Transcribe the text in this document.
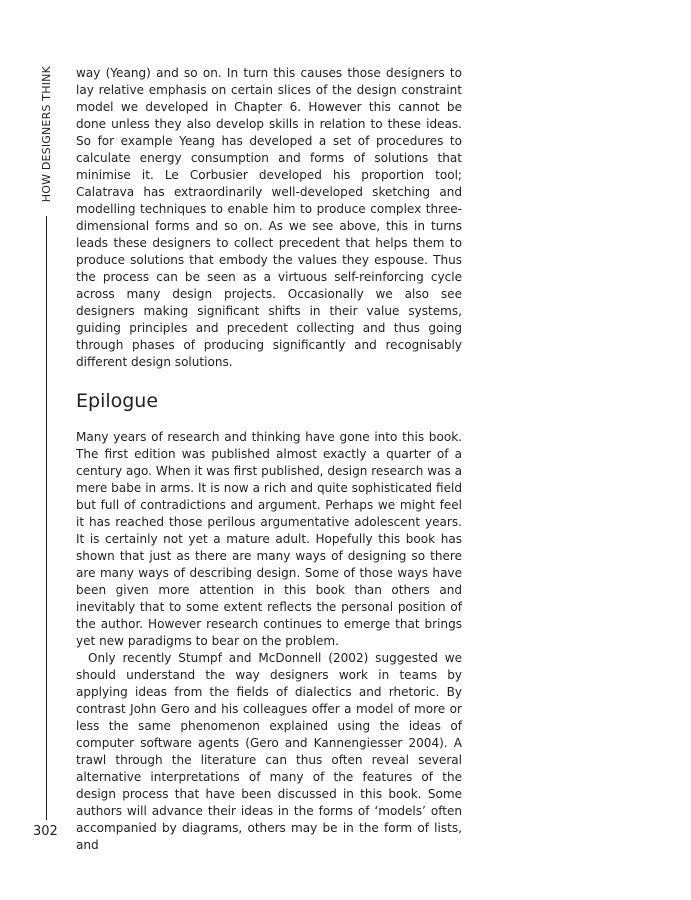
HOW DESIGNERS THINK
302

way (Yeang) and so on. In turn this causes those designers to lay relative emphasis on certain slices of the design constraint model we developed in Chapter 6. However this cannot be done unless they also develop skills in relation to these ideas. So for example Yeang has developed a set of procedures to calculate energy consumption and forms of solutions that minimise it. Le Corbusier developed his proportion tool; Calatrava has extraordinarily well-developed sketching and modelling techniques to enable him to produce complex three-dimensional forms and so on. As we see above, this in turns leads these designers to collect precedent that helps them to produce solutions that embody the values they espouse. Thus the process can be seen as a virtuous self-reinforcing cycle across many design projects. Occasionally we also see designers making significant shifts in their value systems, guiding principles and precedent collecting and thus going through phases of producing significantly and recognisably different design solutions.

Epilogue

Many years of research and thinking have gone into this book. The first edition was published almost exactly a quarter of a century ago. When it was first published, design research was a mere babe in arms. It is now a rich and quite sophisticated field but full of contradictions and argument. Perhaps we might feel it has reached those perilous argumentative adolescent years. It is certainly not yet a mature adult. Hopefully this book has shown that just as there are many ways of designing so there are many ways of describing design. Some of those ways have been given more attention in this book than others and inevitably that to some extent reflects the personal position of the author. However research continues to emerge that brings yet new paradigms to bear on the problem.

Only recently Stumpf and McDonnell (2002) suggested we should understand the way designers work in teams by applying ideas from the fields of dialectics and rhetoric. By contrast John Gero and his colleagues offer a model of more or less the same phenomenon explained using the ideas of computer software agents (Gero and Kannengiesser 2004). A trawl through the literature can thus often reveal several alternative interpretations of many of the features of the design process that have been discussed in this book. Some authors will advance their ideas in the forms of ‘models’ often accompanied by diagrams, others may be in the form of lists, and
